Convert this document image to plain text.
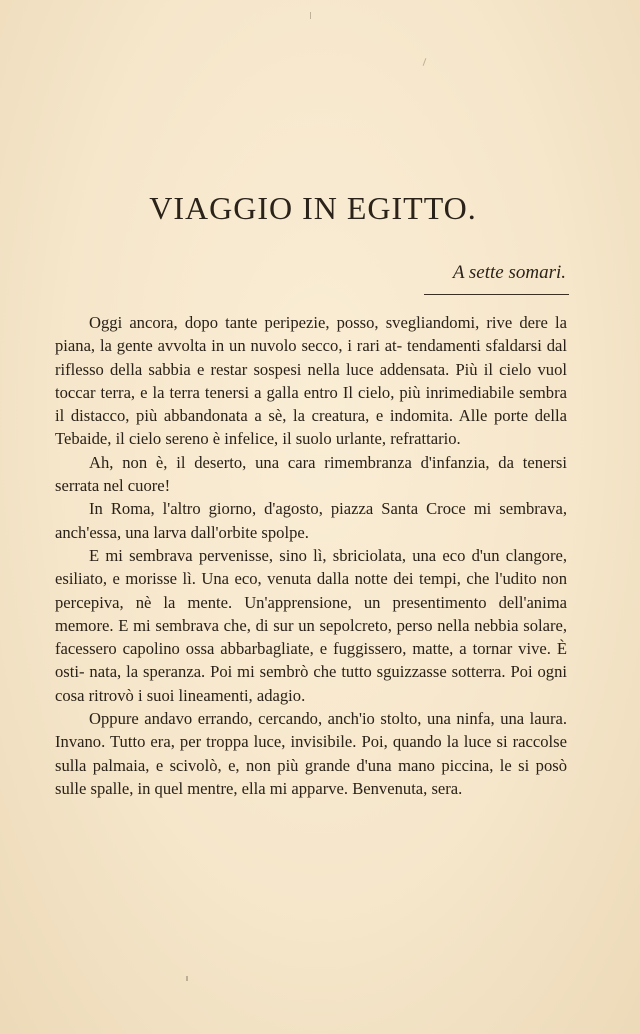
VIAGGIO IN EGITTO.
A sette somari.

Oggi ancora, dopo tante peripezie, posso, svegliandomi, rive dere la piana, la gente avvolta in un nuvolo secco, i rari at- tendamenti sfaldarsi dal riflesso della sabbia e restar sospesi nella luce addensata. Più il cielo vuol toccar terra, e la terra tenersi a galla entro Il cielo, più inrimediabile sembra il distacco, più abbandonata a sè, la creatura, e indomita. Alle porte della Tebaide, il cielo sereno è infelice, il suolo urlante, refrattario.

Ah, non è, il deserto, una cara rimembranza d'infanzia, da tenersi serrata nel cuore!

In Roma, l'altro giorno, d'agosto, piazza Santa Croce mi sembrava, anch'essa, una larva dall'orbite spolpe.

E mi sembrava pervenisse, sino lì, sbriciolata, una eco d'un clangore, esiliato, e morisse lì. Una eco, venuta dalla notte dei tempi, che l'udito non percepiva, nè la mente. Un'apprensione, un presentimento dell'anima memore. E mi sembrava che, di sur un sepolcreto, perso nella nebbia solare, facessero capolino ossa abbarbagliate, e fuggissero, matte, a tornar vive. È osti- nata, la speranza. Poi mi sembrò che tutto sguizzasse sotterra. Poi ogni cosa ritrovò i suoi lineamenti, adagio.

Oppure andavo errando, cercando, anch'io stolto, una ninfa, una laura. Invano. Tutto era, per troppa luce, invisibile. Poi, quando la luce si raccolse sulla palmaia, e scivolò, e, non più grande d'una mano piccina, le si posò sulle spalle, in quel mentre, ella mi apparve. Benvenuta, sera.
